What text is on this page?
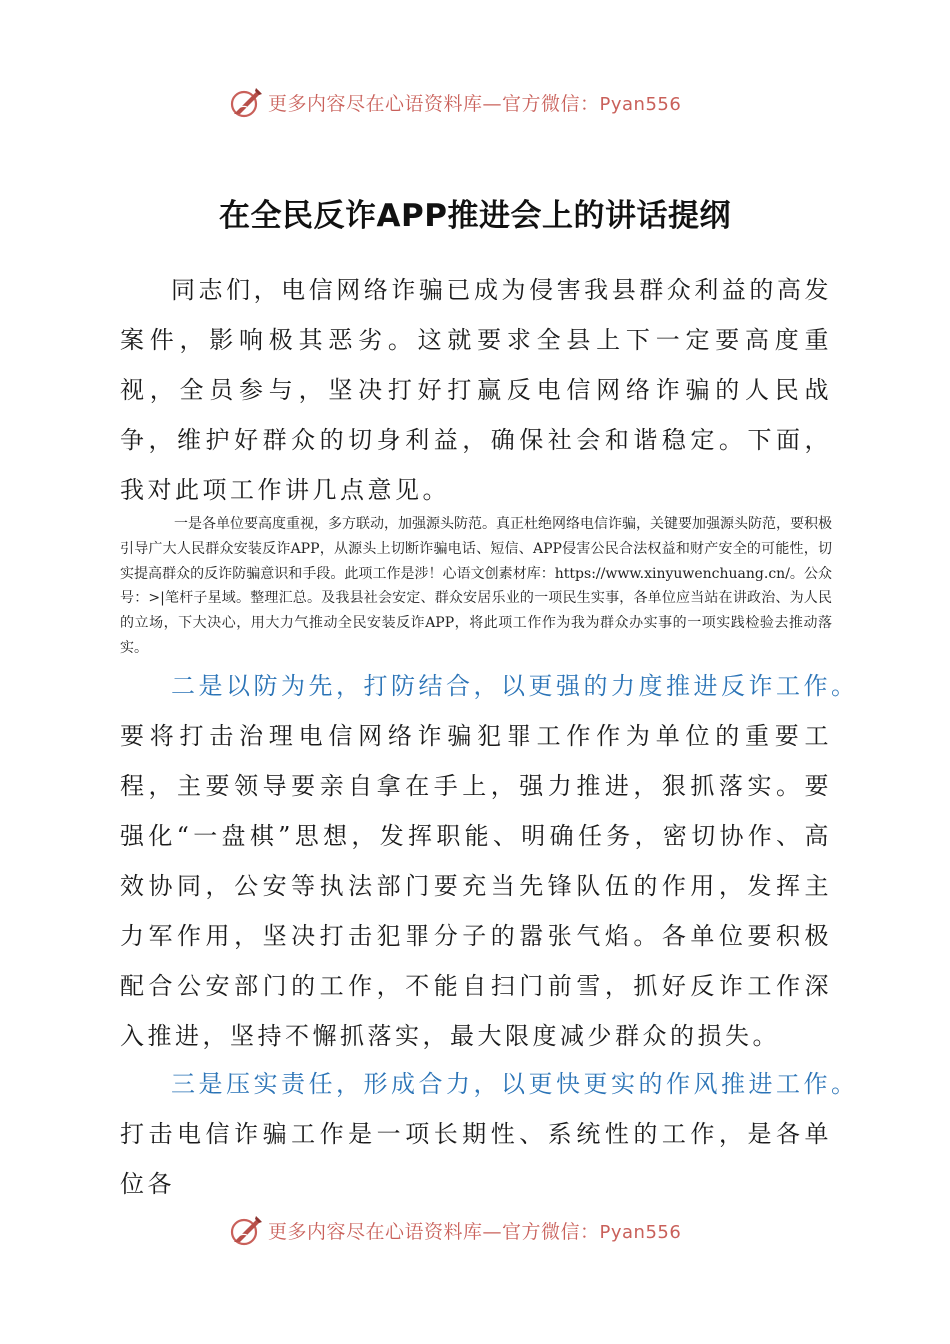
更多内容尽在心语资料库—官方微信：Pyan556
在全民反诈APP推进会上的讲话提纲

同志们，电信网络诈骗已成为侵害我县群众利益的高发案件，影响极其恶劣。这就要求全县上下一定要高度重视，全员参与，坚决打好打赢反电信网络诈骗的人民战争，维护好群众的切身利益，确保社会和谐稳定。下面，我对此项工作讲几点意见。

一是各单位要高度重视，多方联动，加强源头防范。真正杜绝网络电信诈骗，关键要加强源头防范，要积极引导广大人民群众安装反诈APP，从源头上切断诈骗电话、短信、APP侵害公民合法权益和财产安全的可能性，切实提高群众的反诈防骗意识和手段。此项工作是涉！心语文创素材库：https://www.xinyuwenchuang.cn/。公众号：>|笔杆子星域。整理汇总。及我县社会安定、群众安居乐业的一项民生实事，各单位应当站在讲政治、为人民的立场，下大决心，用大力气推动全民安装反诈APP，将此项工作作为我为群众办实事的一项实践检验去推动落实。

二是以防为先，打防结合，以更强的力度推进反诈工作。

要将打击治理电信网络诈骗犯罪工作作为单位的重要工程，主要领导要亲自拿在手上，强力推进，狠抓落实。要强化“一盘棋”思想，发挥职能、明确任务，密切协作、高效协同，公安等执法部门要充当先锋队伍的作用，发挥主力军作用，坚决打击犯罪分子的嚣张气焰。各单位要积极配合公安部门的工作，不能自扫门前雪，抓好反诈工作深入推进，坚持不懈抓落实，最大限度减少群众的损失。

三是压实责任，形成合力，以更快更实的作风推进工作。

打击电信诈骗工作是一项长期性、系统性的工作，是各单位各

更多内容尽在心语资料库—官方微信：Pyan556
